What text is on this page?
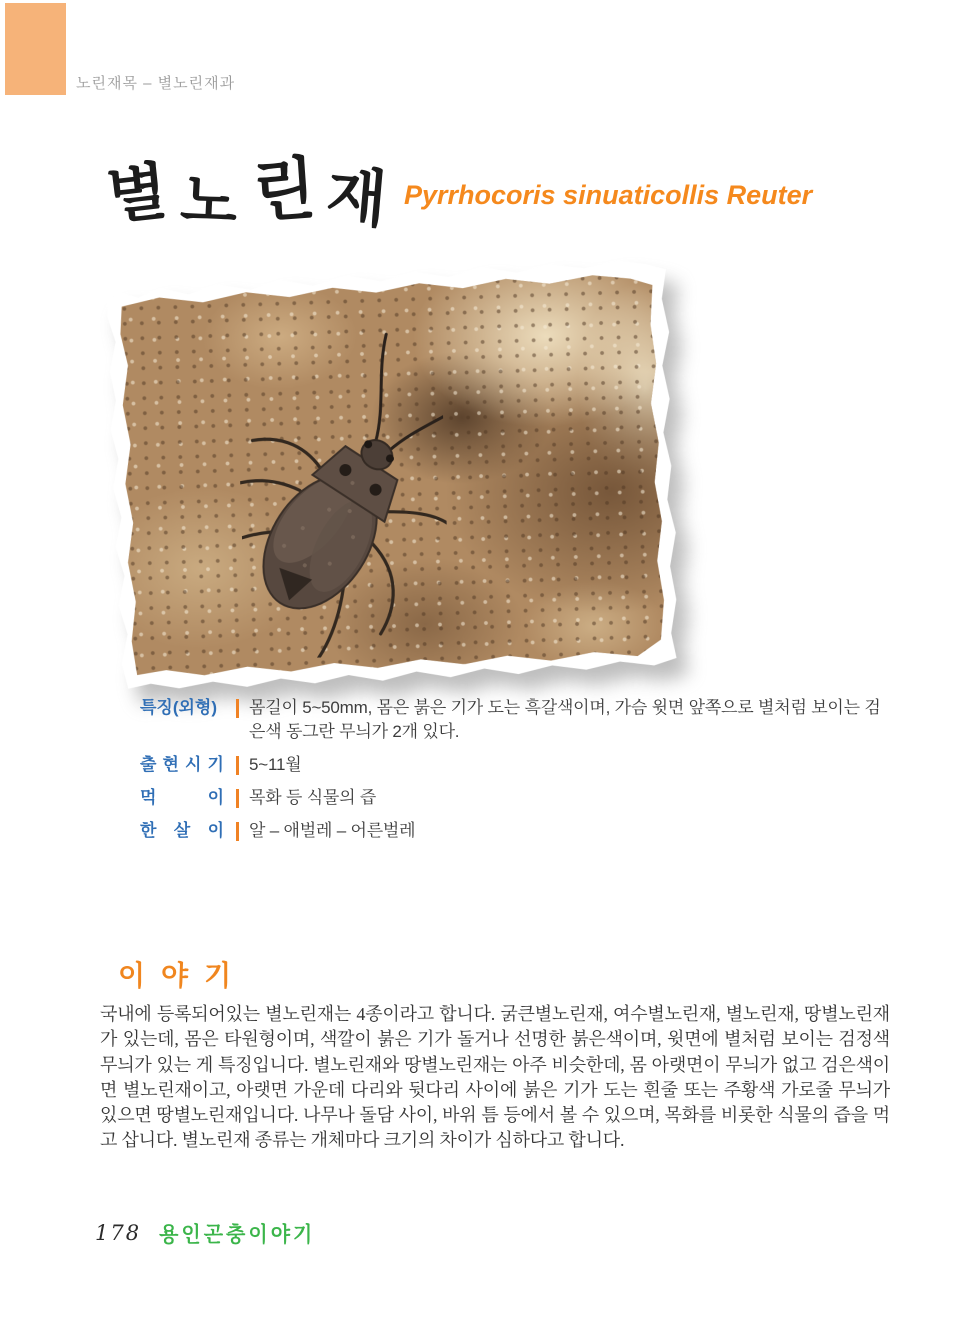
노린재목 – 별노린재과
별 노 린 재 Pyrrhocoris sinuaticollis Reuter
특징(외형)	몸길이 5~50mm, 몸은 붉은 기가 도는 흑갈색이며, 가슴 윗면 앞쪽으로 별처럼 보이는 검은색 동그란 무늬가 2개 있다.
출 현 시 기 5~11월
먹	이 목화 등 식물의 즙
한 살 이 알 – 애벌레 – 어른벌레
이 야 기
국내에 등록되어있는 별노린재는 4종이라고 합니다. 굵큰별노린재, 여수별노린재, 별노린재, 땅별노린재가 있는데, 몸은 타원형이며, 색깔이 붉은 기가 돌거나 선명한 붉은색이며, 윗면에 별처럼 보이는 검정색 무늬가 있는 게 특징입니다. 별노린재와 땅별노린재는 아주 비슷한데, 몸 아랫면이 무늬가 없고 검은색이면 별노린재이고, 아랫면 가운데 다리와 뒷다리 사이에 붉은 기가 도는 흰줄 또는 주황색 가로줄 무늬가 있으면 땅별노린재입니다. 나무나 돌담 사이, 바위 틈 등에서 볼 수 있으며, 목화를 비롯한 식물의 즙을 먹고 삽니다. 별노린재 종류는 개체마다 크기의 차이가 심하다고 합니다.
178 용인곤충이야기
